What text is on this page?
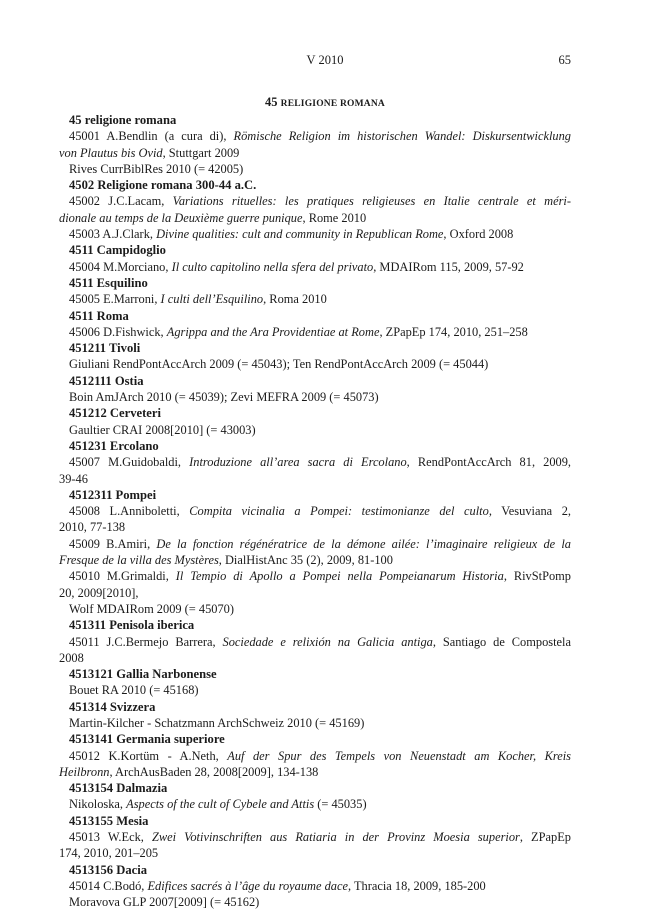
V 2010	65
45 RELIGIONE ROMANA
45 religione romana
45001 A.Bendlin (a cura di), Römische Religion im historischen Wandel: Diskursentwicklung
von Plautus bis Ovid, Stuttgart 2009
Rives CurrBiblRes 2010 (= 42005)
4502 Religione romana 300-44 a.C.
45002 J.C.Lacam, Variations rituelles: les pratiques religieuses en Italie centrale et méri-
dionale au temps de la Deuxième guerre punique, Rome 2010
45003 A.J.Clark, Divine qualities: cult and community in Republican Rome, Oxford 2008
4511 Campidoglio
45004 M.Morciano, Il culto capitolino nella sfera del privato, MDAIRom 115, 2009, 57-92
4511 Esquilino
45005 E.Marroni, I culti dell’Esquilino, Roma 2010
4511 Roma
45006 D.Fishwick, Agrippa and the Ara Providentiae at Rome, ZPapEp 174, 2010, 251–258
451211 Tivoli
Giuliani RendPontAccArch 2009 (= 45043); Ten RendPontAccArch 2009 (= 45044)
4512111 Ostia
Boin AmJArch 2010 (= 45039); Zevi MEFRA 2009 (= 45073)
451212 Cerveteri
Gaultier CRAI 2008[2010] (= 43003)
451231 Ercolano
45007 M.Guidobaldi, Introduzione all’area sacra di Ercolano, RendPontAccArch 81, 2009,
39-46
4512311 Pompei
45008 L.Anniboletti, Compita vicinalia a Pompei: testimonianze del culto, Vesuviana 2,
2010, 77-138
45009 B.Amiri, De la fonction régénératrice de la démone ailée: l’imaginaire religieux de la
Fresque de la villa des Mystères, DialHistAnc 35 (2), 2009, 81-100
45010 M.Grimaldi, Il Tempio di Apollo a Pompei nella Pompeianarum Historia, RivStPomp
20, 2009[2010],
Wolf MDAIRom 2009 (= 45070)
451311 Penisola iberica
45011 J.C.Bermejo Barrera, Sociedade e relixión na Galicia antiga, Santiago de Compostela
2008
4513121 Gallia Narbonense
Bouet RA 2010 (= 45168)
451314 Svizzera
Martin-Kilcher - Schatzmann ArchSchweiz 2010 (= 45169)
4513141 Germania superiore
45012 K.Kortüm - A.Neth, Auf der Spur des Tempels von Neuenstadt am Kocher, Kreis
Heilbronn, ArchAusBaden 28, 2008[2009], 134-138
4513154 Dalmazia
Nikoloska, Aspects of the cult of Cybele and Attis (= 45035)
4513155 Mesia
45013 W.Eck, Zwei Votivinschriften aus Ratiaria in der Provinz Moesia superior, ZPapEp
174, 2010, 201–205
4513156 Dacia
45014 C.Bodó, Edifices sacrés à l’âge du royaume dace, Thracia 18, 2009, 185-200
Moravova GLP 2007[2009] (= 45162)
